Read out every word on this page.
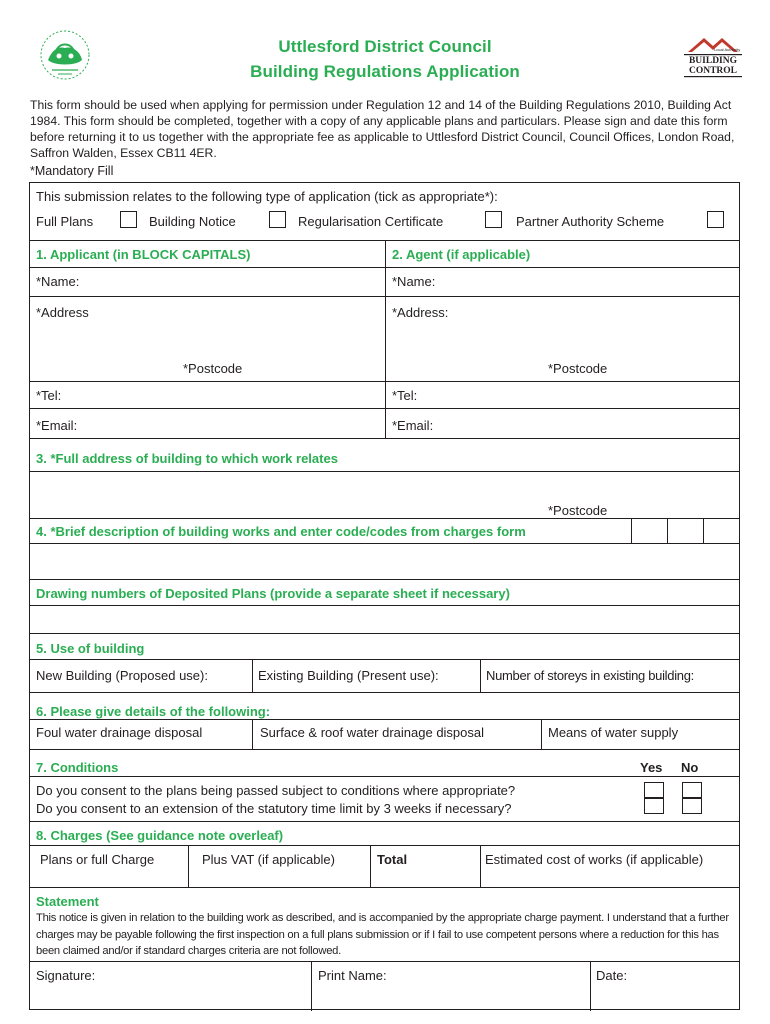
Local Authority
BUILDING
CONTROL
Uttlesford District Council
Building Regulations Application
This form should be used when applying for permission under Regulation 12 and 14 of the Building Regulations 2010, Building Act 1984. This form should be completed, together with a copy of any applicable plans and particulars. Please sign and date this form before returning it to us together with the appropriate fee as applicable to Uttlesford District Council, Council Offices, London Road, Saffron Walden, Essex CB11 4ER.
*Mandatory Fill
This submission relates to the following type of application (tick as appropriate*):
Full Plans	Building Notice	Regularisation Certificate	Partner Authority Scheme
1. Applicant (in BLOCK CAPITALS)	2. Agent (if applicable)
*Name:	*Name:
*Address	*Address:
*Postcode	*Postcode
*Tel:	*Tel:
*Email:	*Email:
3. *Full address of building to which work relates
*Postcode
4. *Brief description of building works and enter code/codes from charges form
Drawing numbers of Deposited Plans (provide a separate sheet if necessary)
5. Use of building
New Building (Proposed use):	Existing Building (Present use):	Number of storeys in existing building:
6. Please give details of the following:
Foul water drainage disposal	Surface & roof water drainage disposal	Means of water supply
7. Conditions	Yes No
Do you consent to the plans being passed subject to conditions where appropriate?
Do you consent to an extension of the statutory time limit by 3 weeks if necessary?
8. Charges (See guidance note overleaf)
Plans or full Charge	Plus VAT (if applicable)	Total	Estimated cost of works (if applicable)
Statement
This notice is given in relation to the building work as described, and is accompanied by the appropriate charge payment. I understand that a further charges may be payable following the first inspection on a full plans submission or if I fail to use competent persons where a reduction for this has been claimed and/or if standard charges criteria are not followed.
Signature:	Print Name:	Date:
